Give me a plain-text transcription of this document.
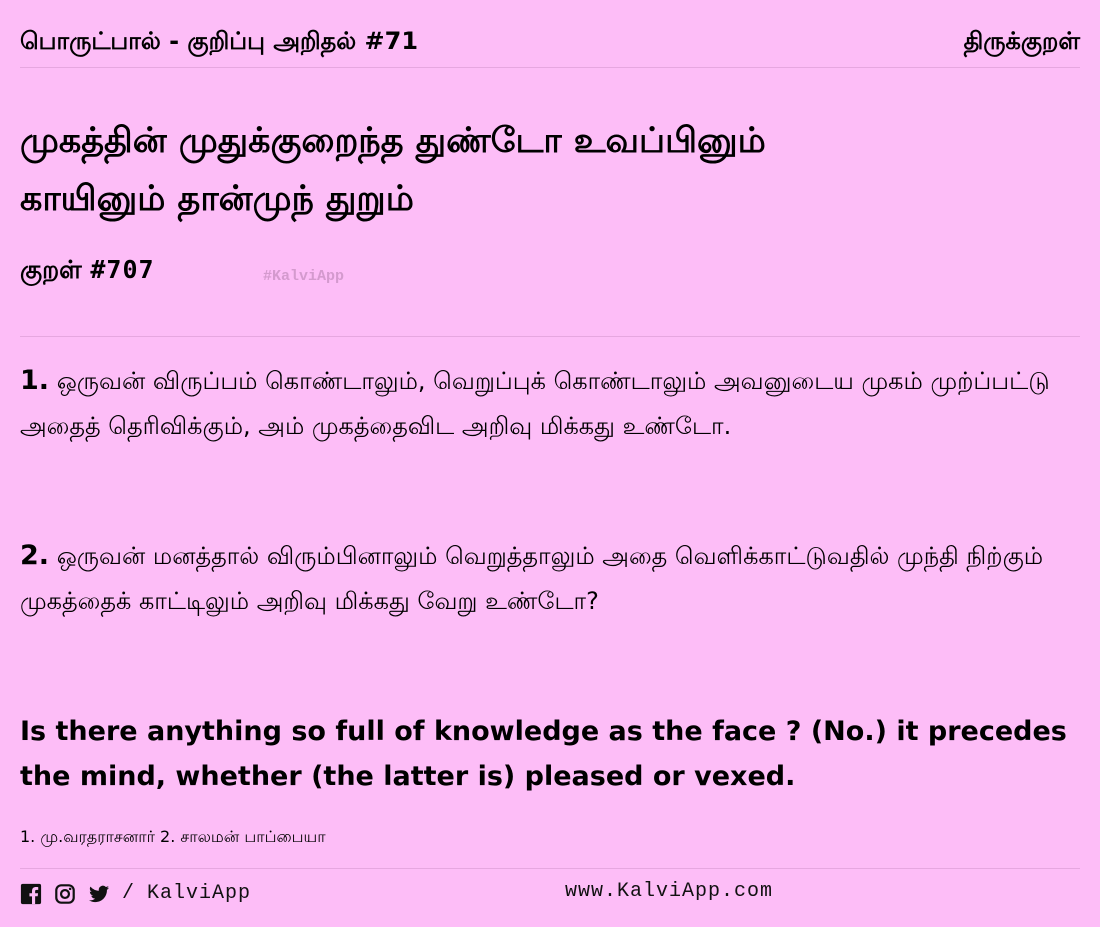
பொருட்பால் - குறிப்பு அறிதல் #71	திருக்குறள்
முகத்தின் முதுக்குறைந்த துண்டோ உவப்பினும்
காயினும் தான்முந் துறும்
குறள் #707	#KalviApp
1. ஒருவன் விருப்பம் கொண்டாலும், வெறுப்புக் கொண்டாலும் அவனுடைய முகம் முற்ப்பட்டு அதைத் தெரிவிக்கும், அம் முகத்தைவிட அறிவு மிக்கது உண்டோ.
2. ஒருவன் மனத்தால் விரும்பினாலும் வெறுத்தாலும் அதை வெளிக்காட்டுவதில் முந்தி நிற்கும் முகத்தைக் காட்டிலும் அறிவு மிக்கது வேறு உண்டோ?
Is there anything so full of knowledge as the face ? (No.) it precedes the mind, whether (the latter is) pleased or vexed.
1. மு.வரதராசனார் 2. சாலமன் பாப்பையா
/ KalviApp	www.KalviApp.com
